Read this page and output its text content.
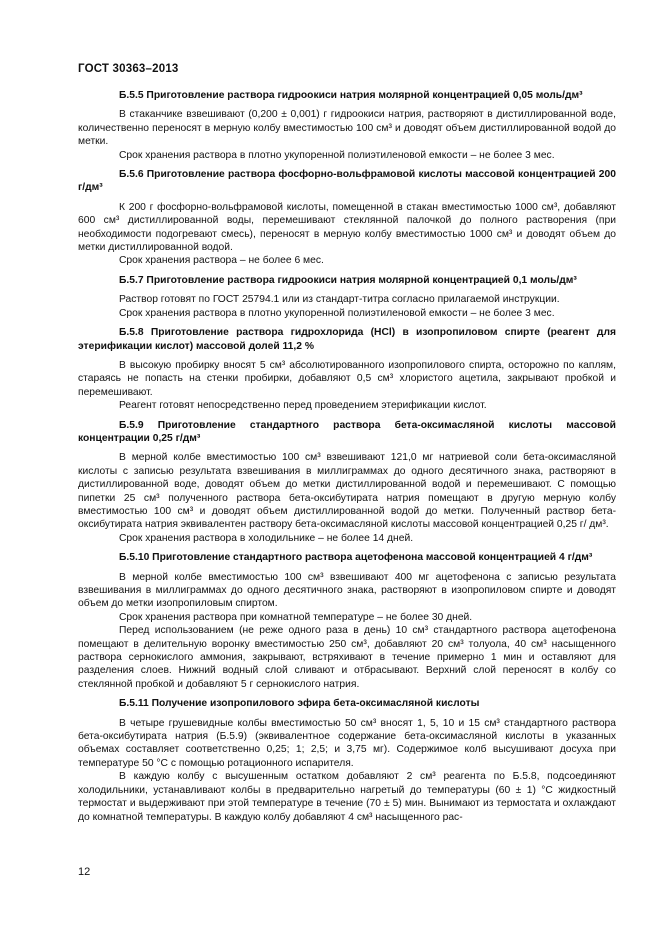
ГОСТ 30363–2013

Б.5.5 Приготовление раствора гидроокиси натрия молярной концентрацией 0,05 моль/дм³

В стаканчике взвешивают (0,200 ± 0,001) г гидроокиси натрия, растворяют в дистиллированной воде, количественно переносят в мерную колбу вместимостью 100 см³ и доводят объем дистиллированной водой до метки.

Срок хранения раствора в плотно укупоренной полиэтиленовой емкости – не более 3 мес.

Б.5.6 Приготовление раствора фосфорно-вольфрамовой кислоты массовой концентрацией 200 г/дм³

К 200 г фосфорно-вольфрамовой кислоты, помещенной в стакан вместимостью 1000 см³, добавляют 600 см³ дистиллированной воды, перемешивают стеклянной палочкой до полного растворения (при необходимости подогревают смесь), переносят в мерную колбу вместимостью 1000 см³ и доводят объем до метки дистиллированной водой.

Срок хранения раствора – не более 6 мес.

Б.5.7 Приготовление раствора гидроокиси натрия молярной концентрацией 0,1 моль/дм³

Раствор готовят по ГОСТ 25794.1 или из стандарт-титра согласно прилагаемой инструкции.

Срок хранения раствора в плотно укупоренной полиэтиленовой емкости – не более 3 мес.

Б.5.8 Приготовление раствора гидрохлорида (HCl) в изопропиловом спирте (реагент для этерификации кислот) массовой долей 11,2 %

В высокую пробирку вносят 5 см³ абсолютированного изопропилового спирта, осторожно по каплям, стараясь не попасть на стенки пробирки, добавляют 0,5 см³ хлористого ацетила, закрывают пробкой и перемешивают.

Реагент готовят непосредственно перед проведением этерификации кислот.

Б.5.9 Приготовление стандартного раствора бета-оксимасляной кислоты массовой концентрации 0,25 г/дм³

В мерной колбе вместимостью 100 см³ взвешивают 121,0 мг натриевой соли бета-оксимасляной кислоты с записью результата взвешивания в миллиграммах до одного десятичного знака, растворяют в дистиллированной воде, доводят объем до метки дистиллированной водой и перемешивают. С помощью пипетки 25 см³ полученного раствора бета-оксибутирата натрия помещают в другую мерную колбу вместимостью 100 см³ и доводят объем дистиллированной водой до метки. Полученный раствор бета-оксибутирата натрия эквивалентен раствору бета-оксимасляной кислоты массовой концентрацией 0,25 г/ дм³.

Срок хранения раствора в холодильнике – не более 14 дней.

Б.5.10 Приготовление стандартного раствора ацетофенона массовой концентрацией 4 г/дм³

В мерной колбе вместимостью 100 см³ взвешивают 400 мг ацетофенона с записью результата взвешивания в миллиграммах до одного десятичного знака, растворяют в изопропиловом спирте и доводят объем до метки изопропиловым спиртом.

Срок хранения раствора при комнатной температуре – не более 30 дней.

Перед использованием (не реже одного раза в день) 10 см³ стандартного раствора ацетофенона помещают в делительную воронку вместимостью 250 см³, добавляют 20 см³ толуола, 40 см³ насыщенного раствора сернокислого аммония, закрывают, встряхивают в течение примерно 1 мин и оставляют для разделения слоев. Нижний водный слой сливают и отбрасывают. Верхний слой переносят в колбу со стеклянной пробкой и добавляют 5 г сернокислого натрия.

Б.5.11 Получение изопропилового эфира бета-оксимасляной кислоты

В четыре грушевидные колбы вместимостью 50 см³ вносят 1, 5, 10 и 15 см³ стандартного раствора бета-оксибутирата натрия (Б.5.9) (эквивалентное содержание бета-оксимасляной кислоты в указанных объемах составляет соответственно 0,25; 1; 2,5; и 3,75 мг). Содержимое колб высушивают досуха при температуре 50 °С с помощью ротационного испарителя.

В каждую колбу с высушенным остатком добавляют 2 см³ реагента по Б.5.8, подсоединяют холодильники, устанавливают колбы в предварительно нагретый до температуры (60 ± 1) °С жидкостный термостат и выдерживают при этой температуре в течение (70 ± 5) мин. Вынимают из термостата и охлаждают до комнатной температуры. В каждую колбу добавляют 4 см³ насыщенного рас-

12
